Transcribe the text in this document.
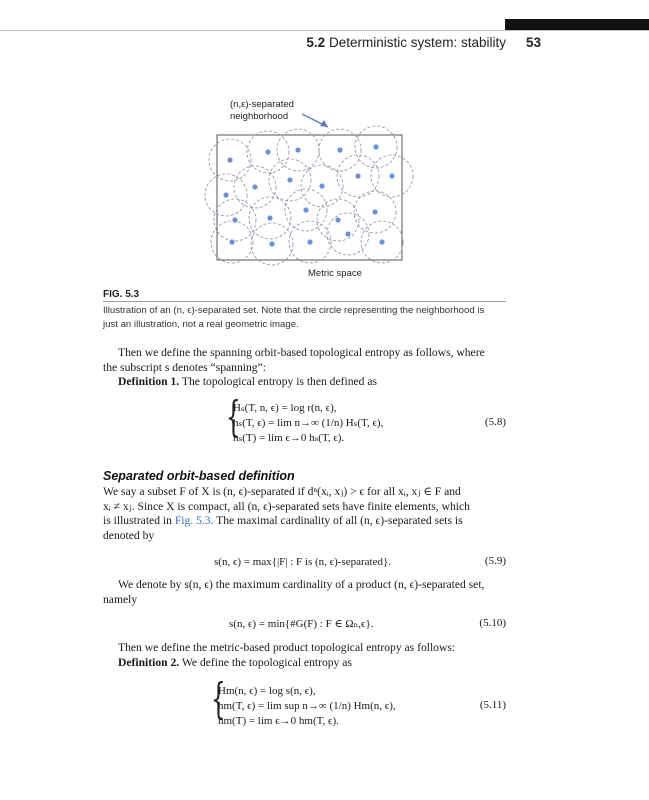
5.2 Deterministic system: stability 53
(n,ε)-separated
neighborhood
Metric space
FIG. 5.3
Illustration of an (n, ϵ)-separated set. Note that the circle representing the neighborhood is
just an illustration, not a real geometric image.
Then we define the spanning orbit-based topological entropy as follows, where
the subscript s denotes “spanning”:
Definition 1. The topological entropy is then defined as
{
Hₛ(T, n, ϵ) = log r(n, ϵ),
hₛ(T, ϵ) = lim n→∞ (1/n) Hₛ(T, ϵ),
hₛ(T) = lim ϵ→0 hₛ(T, ϵ).
(5.8)
Separated orbit-based definition
We say a subset F of X is (n, ϵ)-separated if dⁿ(xᵢ, xⱼ) > ϵ for all xᵢ, xⱼ ∈ F and
xᵢ ≠ xⱼ. Since X is compact, all (n, ϵ)-separated sets have finite elements, which
is illustrated in Fig. 5.3. The maximal cardinality of all (n, ϵ)-separated sets is
denoted by
s(n, ϵ) = max{|F| : F is (n, ϵ)-separated}.	(5.9)
We denote by s(n, ϵ) the maximum cardinality of a product (n, ϵ)-separated set,
namely
s(n, ϵ) = min{#G(F) : F ∈ Ωₙ,ϵ}.	(5.10)
Then we define the metric-based product topological entropy as follows:
Definition 2. We define the topological entropy as
{
Hm(n, ϵ) = log s(n, ϵ),
hm(T, ϵ) = lim sup n→∞ (1/n) Hm(n, ϵ),
hm(T) = lim ϵ→0 hm(T, ϵ).
(5.11)
